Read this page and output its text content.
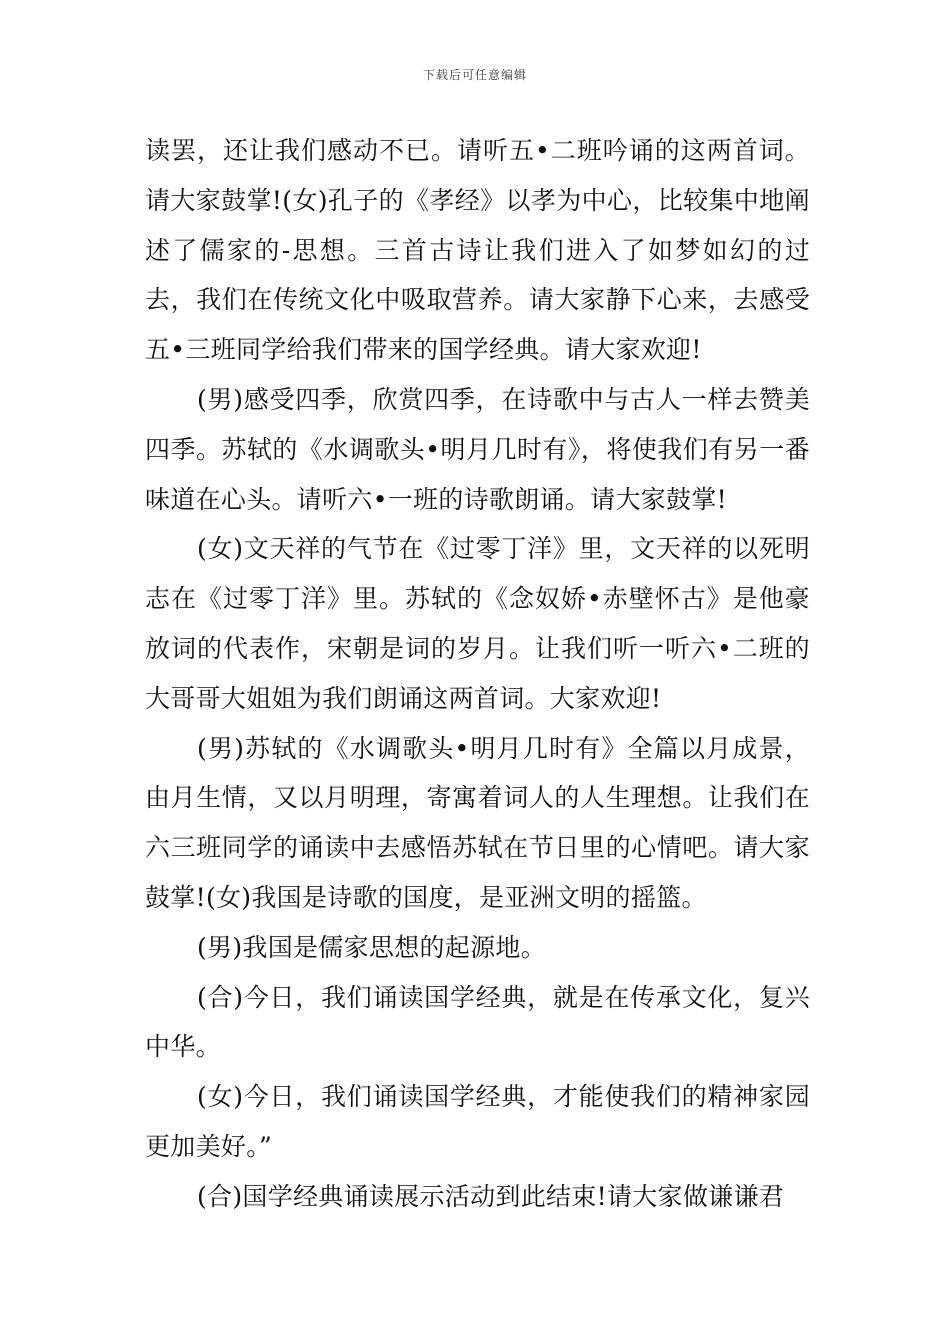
下载后可任意编辑

读罢，还让我们感动不已。请听五•二班吟诵的这两首词。请大家鼓掌!(女)孔子的《孝经》以孝为中心，比较集中地阐述了儒家的-思想。三首古诗让我们进入了如梦如幻的过去，我们在传统文化中吸取营养。请大家静下心来，去感受五•三班同学给我们带来的国学经典。请大家欢迎!

(男)感受四季，欣赏四季，在诗歌中与古人一样去赞美四季。苏轼的《水调歌头•明月几时有》，将使我们有另一番味道在心头。请听六•一班的诗歌朗诵。请大家鼓掌!

(女)文天祥的气节在《过零丁洋》里，文天祥的以死明志在《过零丁洋》里。苏轼的《念奴娇•赤壁怀古》是他豪放词的代表作，宋朝是词的岁月。让我们听一听六•二班的大哥哥大姐姐为我们朗诵这两首词。大家欢迎!

(男)苏轼的《水调歌头•明月几时有》全篇以月成景，由月生情，又以月明理，寄寓着词人的人生理想。让我们在六三班同学的诵读中去感悟苏轼在节日里的心情吧。请大家鼓掌!(女)我国是诗歌的国度，是亚洲文明的摇篮。

(男)我国是儒家思想的起源地。

(合)今日，我们诵读国学经典，就是在传承文化，复兴中华。

(女)今日，我们诵读国学经典，才能使我们的精神家园更加美好。”

(合)国学经典诵读展示活动到此结束!请大家做谦谦君
